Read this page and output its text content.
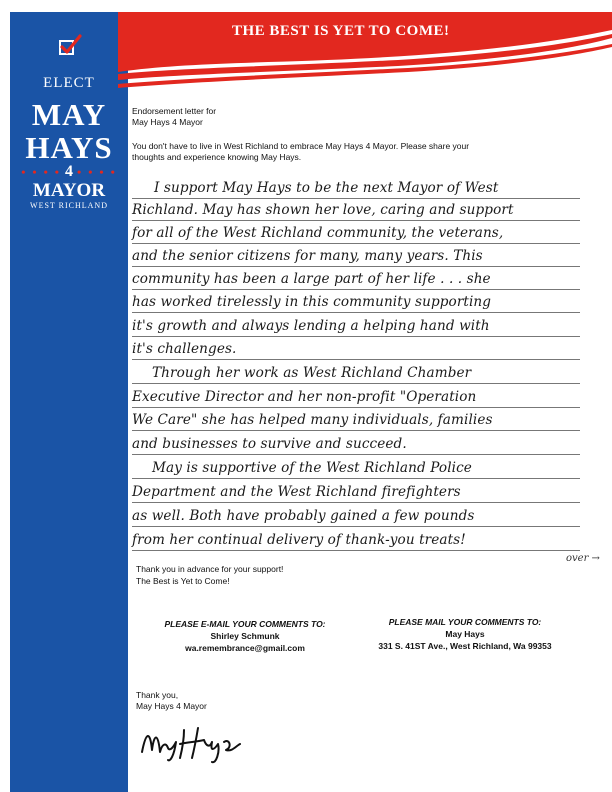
ELECT
MAY
HAYS
• • • • 4 • • • •
MAYOR
WEST RICHLAND
THE BEST IS YET TO COME!
Endorsement letter for
May Hays 4 Mayor
You don't have to live in West Richland to embrace May Hays 4 Mayor. Please share your
thoughts and experience knowing May Hays.
I support May Hays to be the next Mayor of West
Richland. May has shown her love, caring and support
for all of the West Richland community, the veterans,
and the senior citizens for many, many years. This
community has been a large part of her life . . . she
has worked tirelessly in this community supporting
it's growth and always lending a helping hand with
it's challenges.
Through her work as West Richland Chamber
Executive Director and her non-profit "Operation
We Care" she has helped many individuals, families
and businesses to survive and succeed.
May is supportive of the West Richland Police
Department and the West Richland firefighters
as well. Both have probably gained a few pounds
from her continual delivery of thank-you treats!
over →
Thank you in advance for your support!
The Best is Yet to Come!
PLEASE E-MAIL YOUR COMMENTS TO:
Shirley Schmunk
wa.remembrance@gmail.com
PLEASE MAIL YOUR COMMENTS TO:
May Hays
331 S. 41ST Ave., West Richland, Wa 99353
Thank you,
May Hays 4 Mayor
